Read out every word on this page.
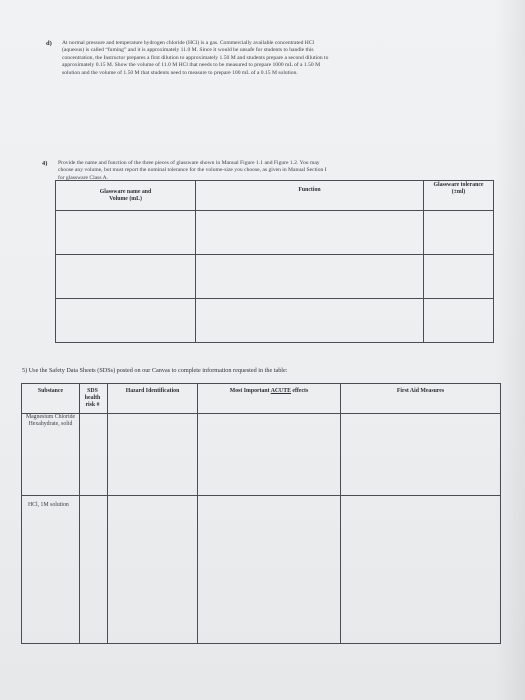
d) At normal pressure and temperature hydrogen chloride (HCl) is a gas. Commercially available concentrated HCl
(aqueous) is called “fuming” and it is approximately 11.0 M. Since it would be unsafe for students to handle this
concentration, the Instructor prepares a first dilution to approximately 1.50 M and students prepare a second dilution to
approximately 0.15 M. Show the volume of 11.0 M HCl that needs to be measured to prepare 1000 mL of a 1.50 M
solution and the volume of 1.50 M that students need to measure to prepare 100 mL of a 0.15 M solution.
4) Provide the name and function of the three pieces of glassware shown in Manual Figure 1.1 and Figure 1.2. You may
choose any volume, but must report the nominal tolerance for the volume-size you choose, as given in Manual Section I
for glassware Class A.
Glassware name and Volume (mL)	Function	Glassware tolerance (±ml)

5) Use the Safety Data Sheets (SDSs) posted on our Canvas to complete information requested in the table:
Substance	SDS health risk #	Hazard Identification	Most Important ACUTE effects	First Aid Measures
Magnesium Chloride Hexahydrate, solid				
HCl, 1M solution				
